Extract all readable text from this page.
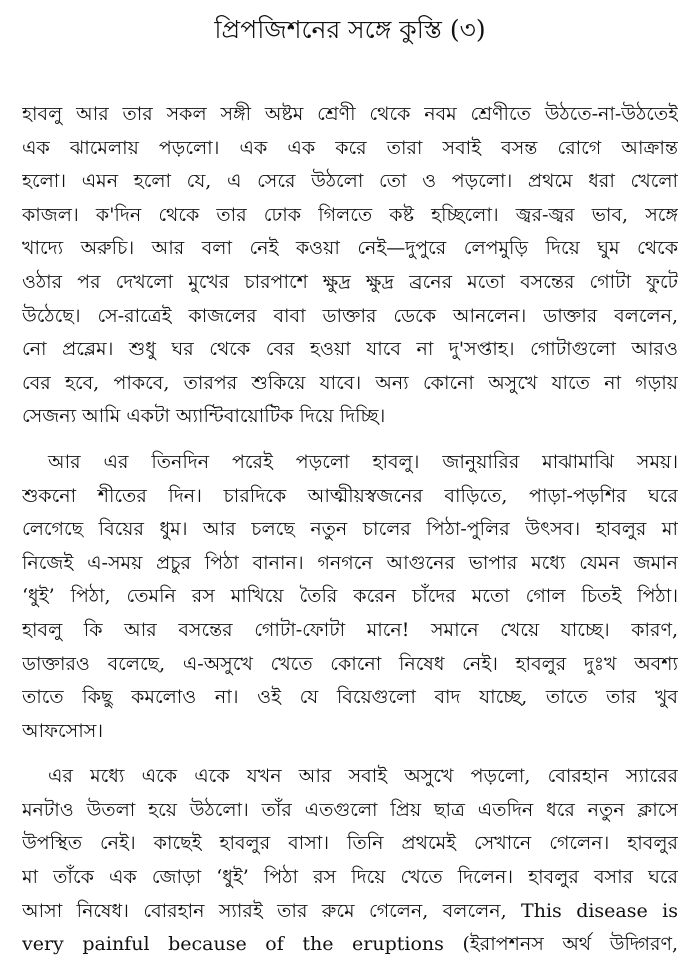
প্রিপজিশনের সঙ্গে কুস্তি (৩)
হাবলু আর তার সকল সঙ্গী অষ্টম শ্রেণী থেকে নবম শ্রেণীতে উঠতে-না-উঠতেই
এক ঝামেলায় পড়লো। এক এক করে তারা সবাই বসন্ত রোগে আক্রান্ত
হলো। এমন হলো যে, এ সেরে উঠলো তো ও পড়লো। প্রথমে ধরা খেলো
কাজল। ক'দিন থেকে তার ঢোক গিলতে কষ্ট হচ্ছিলো। জ্বর-জ্বর ভাব, সঙ্গে
খাদ্যে অরুচি। আর বলা নেই কওয়া নেই—দুপুরে লেপমুড়ি দিয়ে ঘুম থেকে
ওঠার পর দেখলো মুখের চারপাশে ক্ষুদ্র ক্ষুদ্র ব্রনের মতো বসন্তের গোটা ফুটে
উঠেছে। সে-রাত্রেই কাজলের বাবা ডাক্তার ডেকে আনলেন। ডাক্তার বললেন,
নো প্রব্লেম। শুধু ঘর থেকে বের হওয়া যাবে না দু'সপ্তাহ। গোটাগুলো আরও
বের হবে, পাকবে, তারপর শুকিয়ে যাবে। অন্য কোনো অসুখে যাতে না গড়ায়
সেজন্য আমি একটা অ্যান্টিবায়োটিক দিয়ে দিচ্ছি।
আর এর তিনদিন পরেই পড়লো হাবলু। জানুয়ারির মাঝামাঝি সময়।
শুকনো শীতের দিন। চারদিকে আত্মীয়স্বজনের বাড়িতে, পাড়া-পড়শির ঘরে
লেগেছে বিয়ের ধুম। আর চলছে নতুন চালের পিঠা-পুলির উৎসব। হাবলুর মা
নিজেই এ-সময় প্রচুর পিঠা বানান। গনগনে আগুনের ভাপার মধ্যে যেমন জমান
‘ধুই’ পিঠা, তেমনি রস মাখিয়ে তৈরি করেন চাঁদের মতো গোল চিতই পিঠা।
হাবলু কি আর বসন্তের গোটা-ফোটা মানে! সমানে খেয়ে যাচ্ছে। কারণ,
ডাক্তারও বলেছে, এ-অসুখে খেতে কোনো নিষেধ নেই। হাবলুর দুঃখ অবশ্য
তাতে কিছু কমলোও না। ওই যে বিয়েগুলো বাদ যাচ্ছে, তাতে তার খুব
আফসোস।
এর মধ্যে একে একে যখন আর সবাই অসুখে পড়লো, বোরহান স্যারের
মনটাও উতলা হয়ে উঠলো। তাঁর এতগুলো প্রিয় ছাত্র এতদিন ধরে নতুন ক্লাসে
উপস্থিত নেই। কাছেই হাবলুর বাসা। তিনি প্রথমেই সেখানে গেলেন। হাবলুর
মা তাঁকে এক জোড়া ‘ধুই’ পিঠা রস দিয়ে খেতে দিলেন। হাবলুর বসার ঘরে
আসা নিষেধ। বোরহান স্যারই তার রুমে গেলেন, বললেন, This disease is
very painful because of the eruptions (ইরাপশনস অর্থ উদ্গিরণ,
